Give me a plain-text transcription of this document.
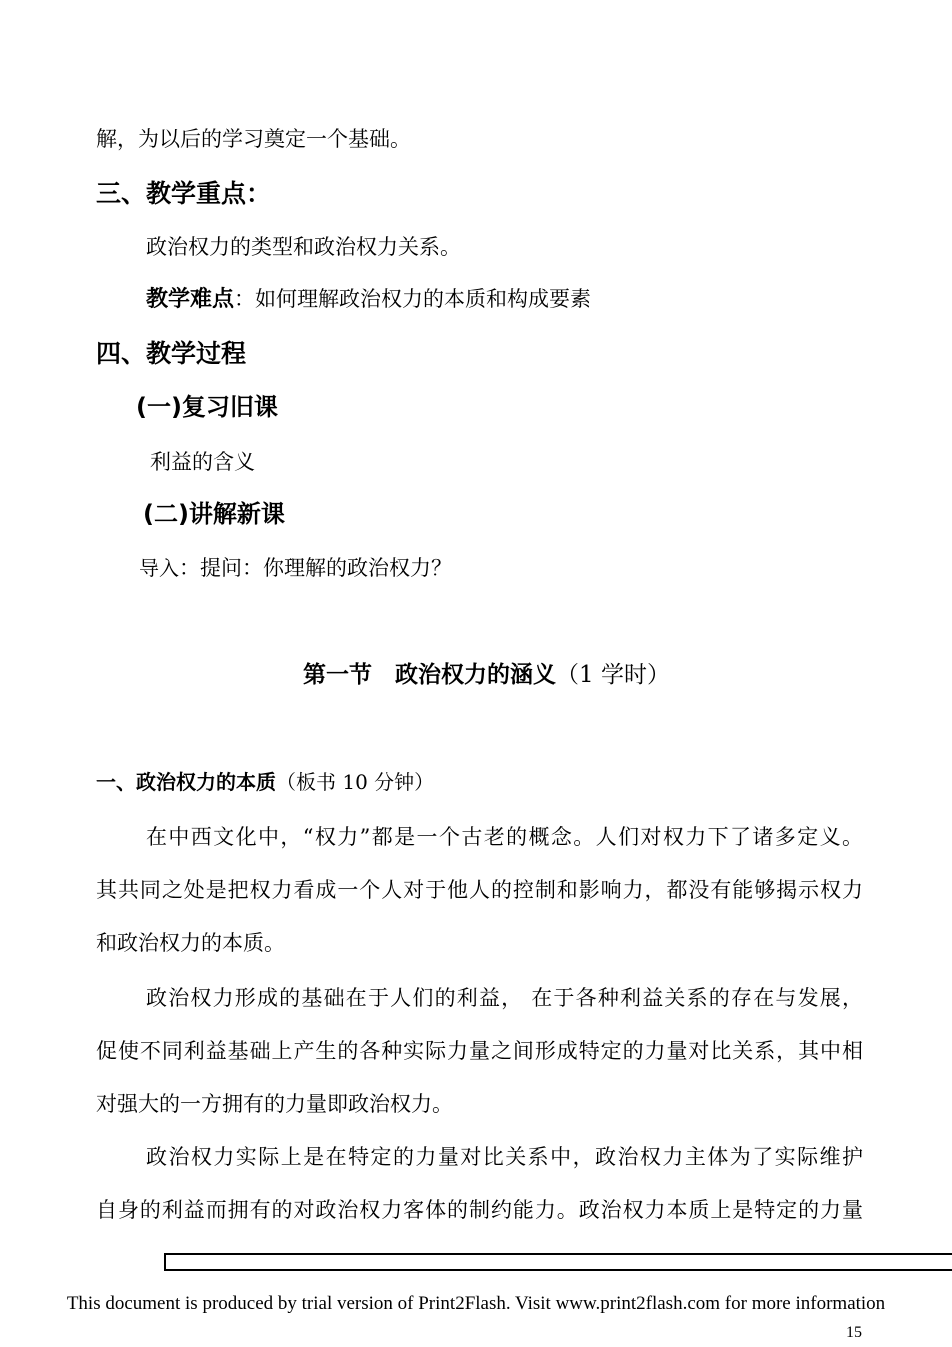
解，为以后的学习奠定一个基础。
三、教学重点：
政治权力的类型和政治权力关系。
教学难点：如何理解政治权力的本质和构成要素
四、教学过程
(一)复习旧课
利益的含义
(二)讲解新课
导入：提问：你理解的政治权力？
第一节　政治权力的涵义（1 学时）
一、政治权力的本质（板书 10 分钟）
在中西文化中，“权力”都是一个古老的概念。人们对权力下了诸多定义。
其共同之处是把权力看成一个人对于他人的控制和影响力，都没有能够揭示权力
和政治权力的本质。
政治权力形成的基础在于人们的利益， 在于各种利益关系的存在与发展，
促使不同利益基础上产生的各种实际力量之间形成特定的力量对比关系，其中相
对强大的一方拥有的力量即政治权力。
政治权力实际上是在特定的力量对比关系中，政治权力主体为了实际维护
自身的利益而拥有的对政治权力客体的制约能力。政治权力本质上是特定的力量
This document is produced by trial version of Print2Flash. Visit www.print2flash.com for more information
15
